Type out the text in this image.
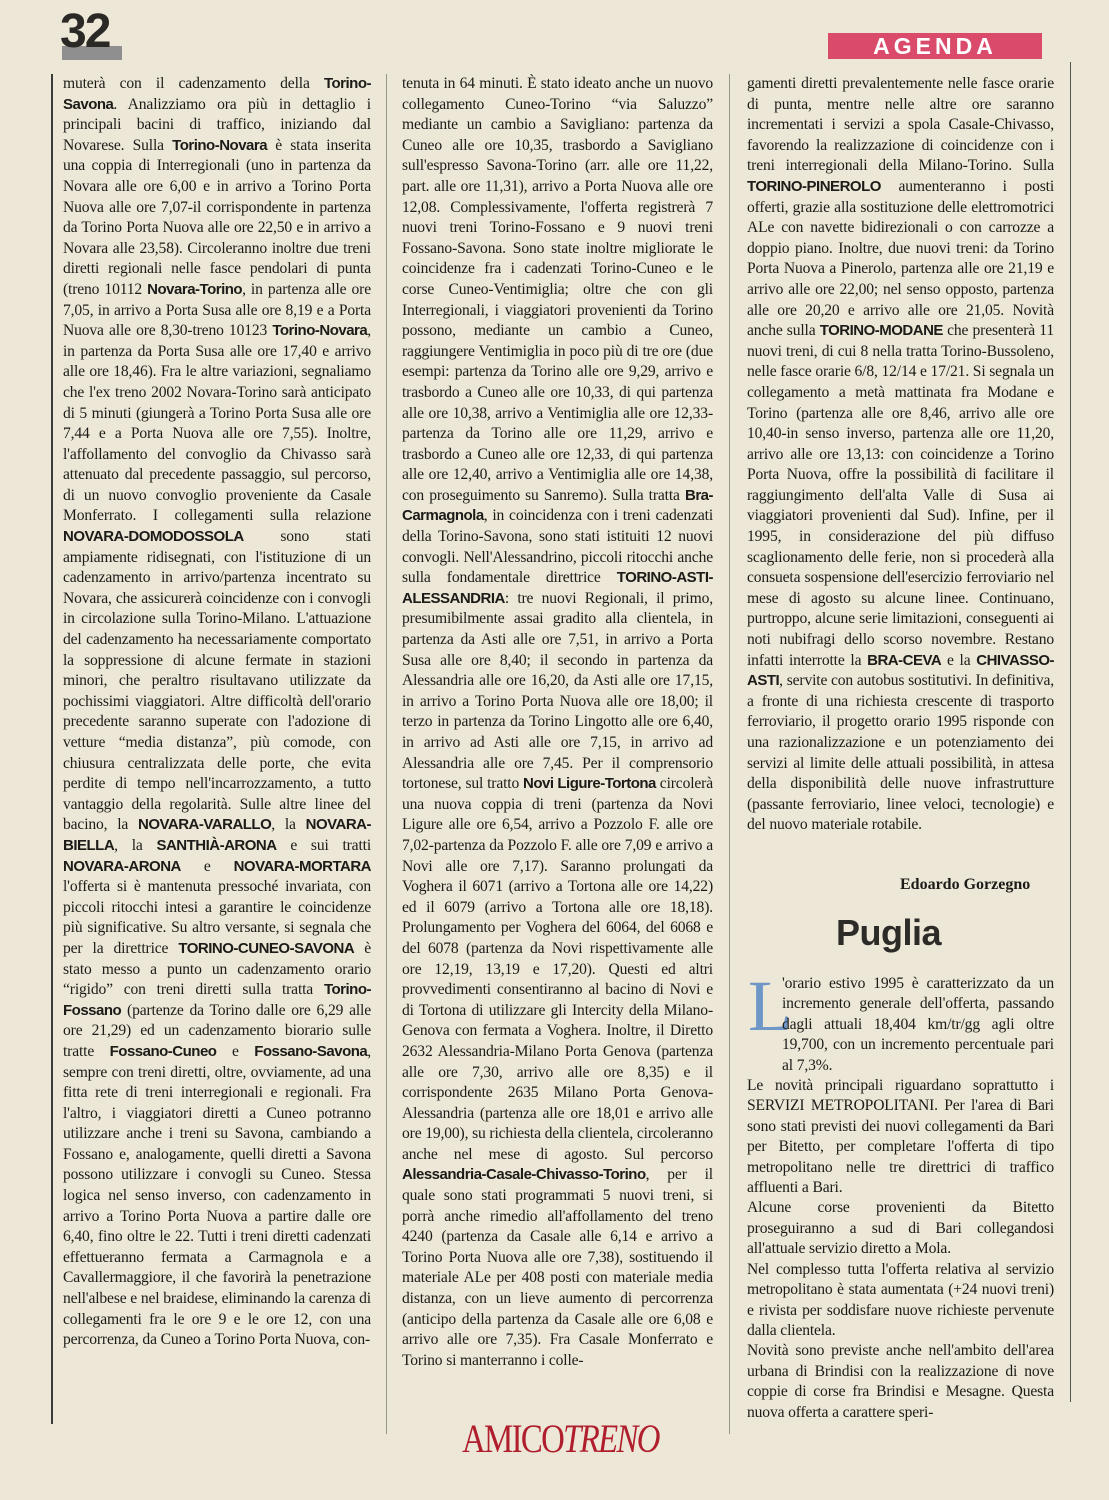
32	AGENDA

muterà con il cadenzamento della Torino-Savona. Analizziamo ora più in dettaglio i principali bacini di traffico, iniziando dal Novarese. Sulla Torino-Novara è stata inserita una coppia di Interregionali (uno in partenza da Novara alle ore 6,00 e in arrivo a Torino Porta Nuova alle ore 7,07-il corrispondente in partenza da Torino Porta Nuova alle ore 22,50 e in arrivo a Novara alle 23,58). Circoleranno inoltre due treni diretti regionali nelle fasce pendolari di punta (treno 10112 Novara-Torino, in partenza alle ore 7,05, in arrivo a Porta Susa alle ore 8,19 e a Porta Nuova alle ore 8,30-treno 10123 Torino-Novara, in partenza da Porta Susa alle ore 17,40 e arrivo alle ore 18,46). Fra le altre variazioni, segnaliamo che l'ex treno 2002 Novara-Torino sarà anticipato di 5 minuti (giungerà a Torino Porta Susa alle ore 7,44 e a Porta Nuova alle ore 7,55). Inoltre, l'affollamento del convoglio da Chivasso sarà attenuato dal precedente passaggio, sul percorso, di un nuovo convoglio proveniente da Casale Monferrato. I collegamenti sulla relazione NOVARA-DOMODOSSOLA sono stati ampiamente ridisegnati, con l'istituzione di un cadenzamento in arrivo/partenza incentrato su Novara, che assicurerà coincidenze con i convogli in circolazione sulla Torino-Milano. L'attuazione del cadenzamento ha necessariamente comportato la soppressione di alcune fermate in stazioni minori, che peraltro risultavano utilizzate da pochissimi viaggiatori. Altre difficoltà dell'orario precedente saranno superate con l'adozione di vetture “media distanza”, più comode, con chiusura centralizzata delle porte, che evita perdite di tempo nell'incarrozzamento, a tutto vantaggio della regolarità. Sulle altre linee del bacino, la NOVARA-VARALLO, la NOVARA-BIELLA, la SANTHIÀ-ARONA e sui tratti NOVARA-ARONA e NOVARA-MORTARA l'offerta si è mantenuta pressoché invariata, con piccoli ritocchi intesi a garantire le coincidenze più significative. Su altro versante, si segnala che per la direttrice TORINO-CUNEO-SAVONA è stato messo a punto un cadenzamento orario “rigido” con treni diretti sulla tratta Torino-Fossano (partenze da Torino dalle ore 6,29 alle ore 21,29) ed un cadenzamento biorario sulle tratte Fossano-Cuneo e Fossano-Savona, sempre con treni diretti, oltre, ovviamente, ad una fitta rete di treni interregionali e regionali. Fra l'altro, i viaggiatori diretti a Cuneo potranno utilizzare anche i treni su Savona, cambiando a Fossano e, analogamente, quelli diretti a Savona possono utilizzare i convogli su Cuneo. Stessa logica nel senso inverso, con cadenzamento in arrivo a Torino Porta Nuova a partire dalle ore 6,40, fino oltre le 22. Tutti i treni diretti cadenzati effettueranno fermata a Carmagnola e a Cavallermaggiore, il che favorirà la penetrazione nell'albese e nel braidese, eliminando la carenza di collegamenti fra le ore 9 e le ore 12, con una percorrenza, da Cuneo a Torino Porta Nuova, con-

tenuta in 64 minuti. È stato ideato anche un nuovo collegamento Cuneo-Torino “via Saluzzo” mediante un cambio a Savigliano: partenza da Cuneo alle ore 10,35, trasbordo a Savigliano sull'espresso Savona-Torino (arr. alle ore 11,22, part. alle ore 11,31), arrivo a Porta Nuova alle ore 12,08. Complessivamente, l'offerta registrerà 7 nuovi treni Torino-Fossano e 9 nuovi treni Fossano-Savona. Sono state inoltre migliorate le coincidenze fra i cadenzati Torino-Cuneo e le corse Cuneo-Ventimiglia; oltre che con gli Interregionali, i viaggiatori provenienti da Torino possono, mediante un cambio a Cuneo, raggiungere Ventimiglia in poco più di tre ore (due esempi: partenza da Torino alle ore 9,29, arrivo e trasbordo a Cuneo alle ore 10,33, di qui partenza alle ore 10,38, arrivo a Ventimiglia alle ore 12,33-partenza da Torino alle ore 11,29, arrivo e trasbordo a Cuneo alle ore 12,33, di qui partenza alle ore 12,40, arrivo a Ventimiglia alle ore 14,38, con proseguimento su Sanremo). Sulla tratta Bra-Carmagnola, in coincidenza con i treni cadenzati della Torino-Savona, sono stati istituiti 12 nuovi convogli. Nell'Alessandrino, piccoli ritocchi anche sulla fondamentale direttrice TORINO-ASTI-ALESSANDRIA: tre nuovi Regionali, il primo, presumibilmente assai gradito alla clientela, in partenza da Asti alle ore 7,51, in arrivo a Porta Susa alle ore 8,40; il secondo in partenza da Alessandria alle ore 16,20, da Asti alle ore 17,15, in arrivo a Torino Porta Nuova alle ore 18,00; il terzo in partenza da Torino Lingotto alle ore 6,40, in arrivo ad Asti alle ore 7,15, in arrivo ad Alessandria alle ore 7,45. Per il comprensorio tortonese, sul tratto Novi Ligure-Tortona circolerà una nuova coppia di treni (partenza da Novi Ligure alle ore 6,54, arrivo a Pozzolo F. alle ore 7,02-partenza da Pozzolo F. alle ore 7,09 e arrivo a Novi alle ore 7,17). Saranno prolungati da Voghera il 6071 (arrivo a Tortona alle ore 14,22) ed il 6079 (arrivo a Tortona alle ore 18,18). Prolungamento per Voghera del 6064, del 6068 e del 6078 (partenza da Novi rispettivamente alle ore 12,19, 13,19 e 17,20). Questi ed altri provvedimenti consentiranno al bacino di Novi e di Tortona di utilizzare gli Intercity della Milano-Genova con fermata a Voghera. Inoltre, il Diretto 2632 Alessandria-Milano Porta Genova (partenza alle ore 7,30, arrivo alle ore 8,35) e il corrispondente 2635 Milano Porta Genova-Alessandria (partenza alle ore 18,01 e arrivo alle ore 19,00), su richiesta della clientela, circoleranno anche nel mese di agosto. Sul percorso Alessandria-Casale-Chivasso-Torino, per il quale sono stati programmati 5 nuovi treni, si porrà anche rimedio all'affollamento del treno 4240 (partenza da Casale alle 6,14 e arrivo a Torino Porta Nuova alle ore 7,38), sostituendo il materiale ALe per 408 posti con materiale media distanza, con un lieve aumento di percorrenza (anticipo della partenza da Casale alle ore 6,08 e arrivo alle ore 7,35). Fra Casale Monferrato e Torino si manterranno i colle-

gamenti diretti prevalentemente nelle fasce orarie di punta, mentre nelle altre ore saranno incrementati i servizi a spola Casale-Chivasso, favorendo la realizzazione di coincidenze con i treni interregionali della Milano-Torino. Sulla TORINO-PINEROLO aumenteranno i posti offerti, grazie alla sostituzione delle elettromotrici ALe con navette bidirezionali o con carrozze a doppio piano. Inoltre, due nuovi treni: da Torino Porta Nuova a Pinerolo, partenza alle ore 21,19 e arrivo alle ore 22,00; nel senso opposto, partenza alle ore 20,20 e arrivo alle ore 21,05. Novità anche sulla TORINO-MODANE che presenterà 11 nuovi treni, di cui 8 nella tratta Torino-Bussoleno, nelle fasce orarie 6/8, 12/14 e 17/21. Si segnala un collegamento a metà mattinata fra Modane e Torino (partenza alle ore 8,46, arrivo alle ore 10,40-in senso inverso, partenza alle ore 11,20, arrivo alle ore 13,13: con coincidenze a Torino Porta Nuova, offre la possibilità di facilitare il raggiungimento dell'alta Valle di Susa ai viaggiatori provenienti dal Sud). Infine, per il 1995, in considerazione del più diffuso scaglionamento delle ferie, non si procederà alla consueta sospensione dell'esercizio ferroviario nel mese di agosto su alcune linee. Continuano, purtroppo, alcune serie limitazioni, conseguenti ai noti nubifragi dello scorso novembre. Restano infatti interrotte la BRA-CEVA e la CHIVASSO-ASTI, servite con autobus sostitutivi. In definitiva, a fronte di una richiesta crescente di trasporto ferroviario, il progetto orario 1995 risponde con una razionalizzazione e un potenziamento dei servizi al limite delle attuali possibilità, in attesa della disponibilità delle nuove infrastrutture (passante ferroviario, linee veloci, tecnologie) e del nuovo materiale rotabile.

Edoardo Gorzegno
Puglia
L

'orario estivo 1995 è caratterizzato da un incremento generale dell'offerta, passando dagli attuali 18,404 km/tr/gg agli oltre 19,700, con un incremento percentuale pari al 7,3%.

Le novità principali riguardano soprattutto i SERVIZI METROPOLITANI. Per l'area di Bari sono stati previsti dei nuovi collegamenti da Bari per Bitetto, per completare l'offerta di tipo metropolitano nelle tre direttrici di traffico affluenti a Bari.

Alcune corse provenienti da Bitetto proseguiranno a sud di Bari collegandosi all'attuale servizio diretto a Mola.

Nel complesso tutta l'offerta relativa al servizio metropolitano è stata aumentata (+24 nuovi treni) e rivista per soddisfare nuove richieste pervenute dalla clientela.

Novità sono previste anche nell'ambito dell'area urbana di Brindisi con la realizzazione di nove coppie di corse fra Brindisi e Mesagne. Questa nuova offerta a carattere speri-

AMICOTRENO
